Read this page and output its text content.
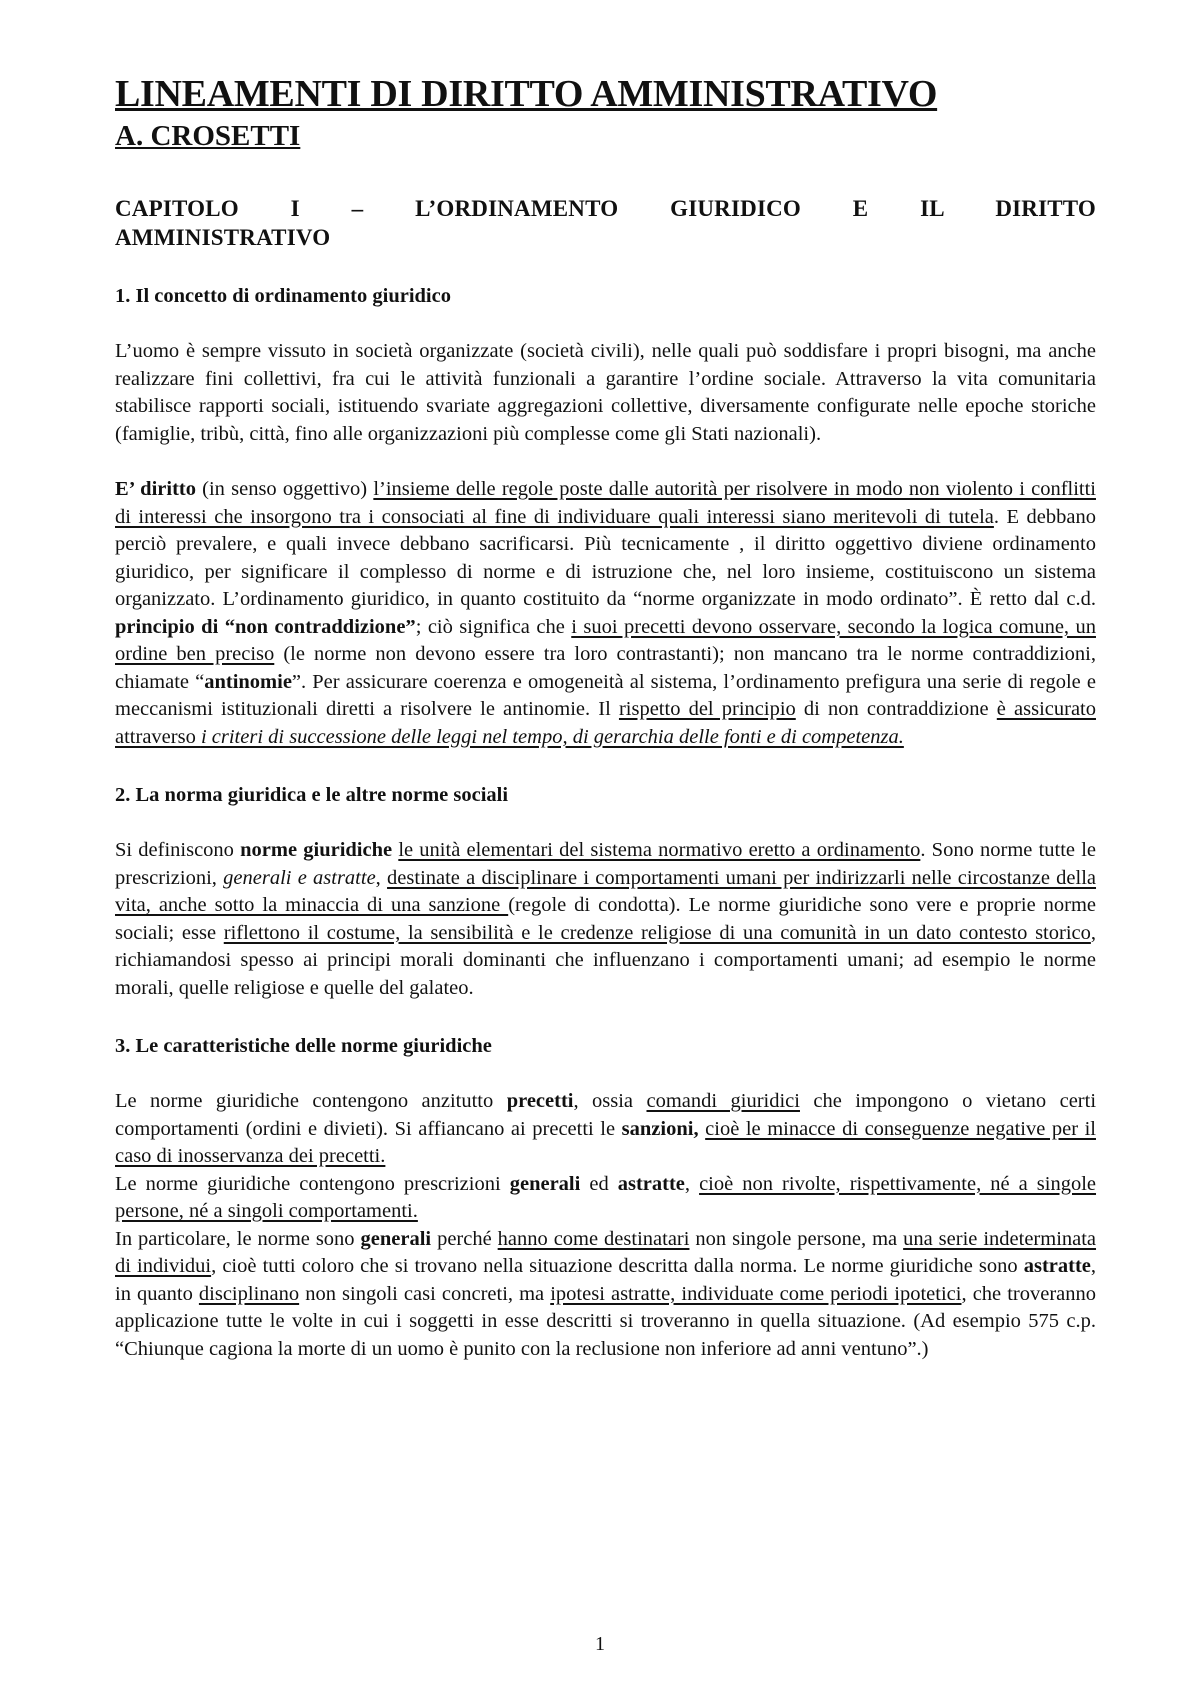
LINEAMENTI DI DIRITTO AMMINISTRATIVO
A. CROSETTI
CAPITOLO I – L’ORDINAMENTO GIURIDICO E IL DIRITTO
AMMINISTRATIVO
1. Il concetto di ordinamento giuridico

L’uomo è sempre vissuto in società organizzate (società civili), nelle quali può soddisfare i propri bisogni, ma anche realizzare fini collettivi, fra cui le attività funzionali a garantire l’ordine sociale. Attraverso la vita comunitaria stabilisce rapporti sociali, istituendo svariate aggregazioni collettive, diversamente configurate nelle epoche storiche (famiglie, tribù, città, fino alle organizzazioni più complesse come gli Stati nazionali).

E’ diritto (in senso oggettivo) l’insieme delle regole poste dalle autorità per risolvere in modo non violento i conflitti di interessi che insorgono tra i consociati al fine di individuare quali interessi siano meritevoli di tutela. E debbano perciò prevalere, e quali invece debbano sacrificarsi. Più tecnicamente , il diritto oggettivo diviene ordinamento giuridico, per significare il complesso di norme e di istruzione che, nel loro insieme, costituiscono un sistema organizzato. L’ordinamento giuridico, in quanto costituito da “norme organizzate in modo ordinato”. È retto dal c.d. principio di “non contraddizione”; ciò significa che i suoi precetti devono osservare, secondo la logica comune, un ordine ben preciso (le norme non devono essere tra loro contrastanti); non mancano tra le norme contraddizioni, chiamate “antinomie”. Per assicurare coerenza e omogeneità al sistema, l’ordinamento prefigura una serie di regole e meccanismi istituzionali diretti a risolvere le antinomie. Il rispetto del principio di non contraddizione è assicurato attraverso i criteri di successione delle leggi nel tempo, di gerarchia delle fonti e di competenza.

2. La norma giuridica e le altre norme sociali

Si definiscono norme giuridiche le unità elementari del sistema normativo eretto a ordinamento. Sono norme tutte le prescrizioni, generali e astratte, destinate a disciplinare i comportamenti umani per indirizzarli nelle circostanze della vita, anche sotto la minaccia di una sanzione (regole di condotta). Le norme giuridiche sono vere e proprie norme sociali; esse riflettono il costume, la sensibilità e le credenze religiose di una comunità in un dato contesto storico, richiamandosi spesso ai principi morali dominanti che influenzano i comportamenti umani; ad esempio le norme morali, quelle religiose e quelle del galateo.

3. Le caratteristiche delle norme giuridiche

Le norme giuridiche contengono anzitutto precetti, ossia comandi giuridici che impongono o vietano certi comportamenti (ordini e divieti). Si affiancano ai precetti le sanzioni, cioè le minacce di conseguenze negative per il caso di inosservanza dei precetti.

Le norme giuridiche contengono prescrizioni generali ed astratte, cioè non rivolte, rispettivamente, né a singole persone, né a singoli comportamenti.

In particolare, le norme sono generali perché hanno come destinatari non singole persone, ma una serie indeterminata di individui, cioè tutti coloro che si trovano nella situazione descritta dalla norma. Le norme giuridiche sono astratte, in quanto disciplinano non singoli casi concreti, ma ipotesi astratte, individuate come periodi ipotetici, che troveranno applicazione tutte le volte in cui i soggetti in esse descritti si troveranno in quella situazione. (Ad esempio 575 c.p. “Chiunque cagiona la morte di un uomo è punito con la reclusione non inferiore ad anni ventuno”.)

1
